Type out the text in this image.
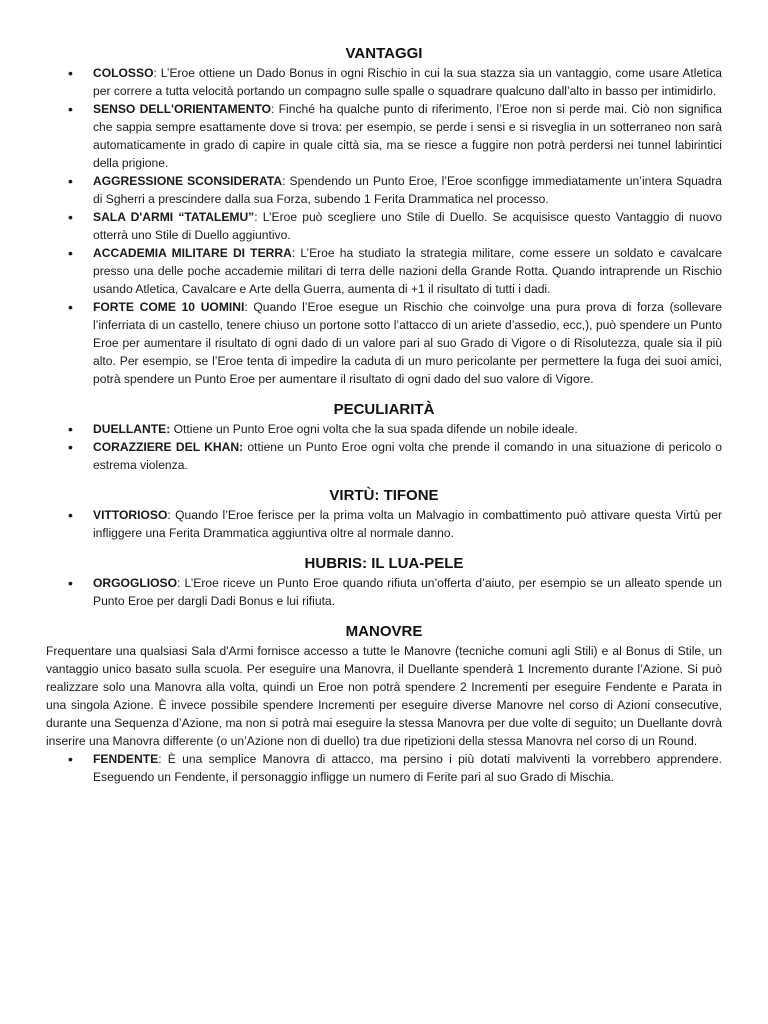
VANTAGGI
• COLOSSO: L’Eroe ottiene un Dado Bonus in ogni Rischio in cui la sua stazza sia un vantaggio, come usare Atletica per correre a tutta velocità portando un compagno sulle spalle o squadrare qualcuno dall’alto in basso per intimidirlo.
• SENSO DELL'ORIENTAMENTO: Finché ha qualche punto di riferimento, l’Eroe non si perde mai. Ciò non significa che sappia sempre esattamente dove si trova: per esempio, se perde i sensi e si risveglia in un sotterraneo non sarà automaticamente in grado di capire in quale città sia, ma se riesce a fuggire non potrà perdersi nei tunnel labirintici della prigione.
• AGGRESSIONE SCONSIDERATA: Spendendo un Punto Eroe, l’Eroe sconfigge immediatamente un’intera Squadra di Sgherri a prescindere dalla sua Forza, subendo 1 Ferita Drammatica nel processo.
• SALA D'ARMI “TATALEMU”: L’Eroe può scegliere uno Stile di Duello. Se acquisisce questo Vantaggio di nuovo otterrà uno Stile di Duello aggiuntivo.
• ACCADEMIA MILITARE DI TERRA: L’Eroe ha studiato la strategia militare, come essere un soldato e cavalcare presso una delle poche accademie militari di terra delle nazioni della Grande Rotta. Quando intraprende un Rischio usando Atletica, Cavalcare e Arte della Guerra, aumenta di +1 il risultato di tutti i dadi.
• FORTE COME 10 UOMINI: Quando l’Eroe esegue un Rischio che coinvolge una pura prova di forza (sollevare l’inferriata di un castello, tenere chiuso un portone sotto l’attacco di un ariete d’assedio, ecc,), può spendere un Punto Eroe per aumentare il risultato di ogni dado di un valore pari al suo Grado di Vigore o di Risolutezza, quale sia il più alto. Per esempio, se l’Eroe tenta di impedire la caduta di un muro pericolante per permettere la fuga dei suoi amici, potrà spendere un Punto Eroe per aumentare il risultato di ogni dado del suo valore di Vigore.
PECULIARITÀ
• DUELLANTE: Ottiene un Punto Eroe ogni volta che la sua spada difende un nobile ideale.
• CORAZZIERE DEL KHAN: ottiene un Punto Eroe ogni volta che prende il comando in una situazione di pericolo o estrema violenza.
VIRTÙ: TIFONE
• VITTORIOSO: Quando l’Eroe ferisce per la prima volta un Malvagio in combattimento può attivare questa Virtù per infliggere una Ferita Drammatica aggiuntiva oltre al normale danno.
HUBRIS: IL LUA-PELE
• ORGOGLIOSO: L’Eroe riceve un Punto Eroe quando rifiuta un’offerta d’aiuto, per esempio se un alleato spende un Punto Eroe per dargli Dadi Bonus e lui rifiuta.
MANOVRE

Frequentare una qualsiasi Sala d'Armi fornisce accesso a tutte le Manovre (tecniche comuni agli Stili) e al Bonus di Stile, un vantaggio unico basato sulla scuola. Per eseguire una Manovra, il Duellante spenderà 1 Incremento durante l’Azione. Si può realizzare solo una Manovra alla volta, quindi un Eroe non potrà spendere 2 Incrementi per eseguire Fendente e Parata in una singola Azione. È invece possibile spendere Incrementi per eseguire diverse Manovre nel corso di Azioni consecutive, durante una Sequenza d’Azione, ma non si potrà mai eseguire la stessa Manovra per due volte di seguito; un Duellante dovrà inserire una Manovra differente (o un’Azione non di duello) tra due ripetizioni della stessa Manovra nel corso di un Round.

• FENDENTE: È una semplice Manovra di attacco, ma persino i più dotati malviventi la vorrebbero apprendere. Eseguendo un Fendente, il personaggio infligge un numero di Ferite pari al suo Grado di Mischia.
